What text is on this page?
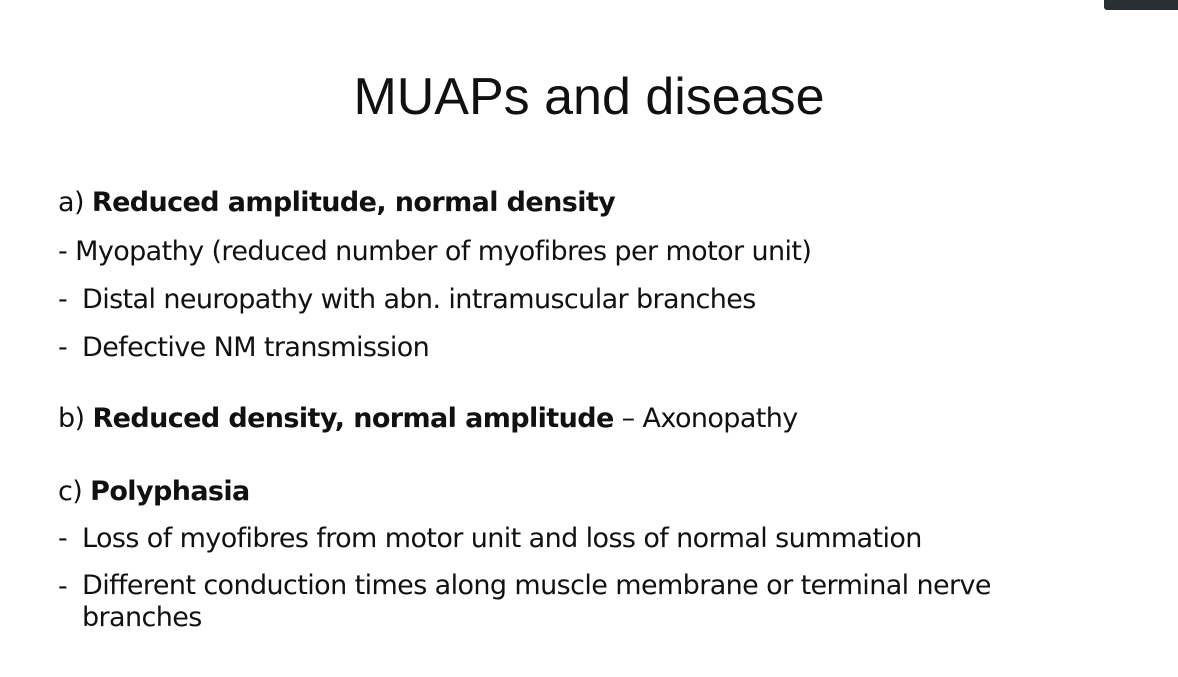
MUAPs and disease
a) Reduced amplitude, normal density
- Myopathy (reduced number of myofibres per motor unit)
- Distal neuropathy with abn. intramuscular branches
- Defective NM transmission
b) Reduced density, normal amplitude – Axonopathy
c) Polyphasia
- Loss of myofibres from motor unit and loss of normal summation
- Different conduction times along muscle membrane or terminal nerve branches
